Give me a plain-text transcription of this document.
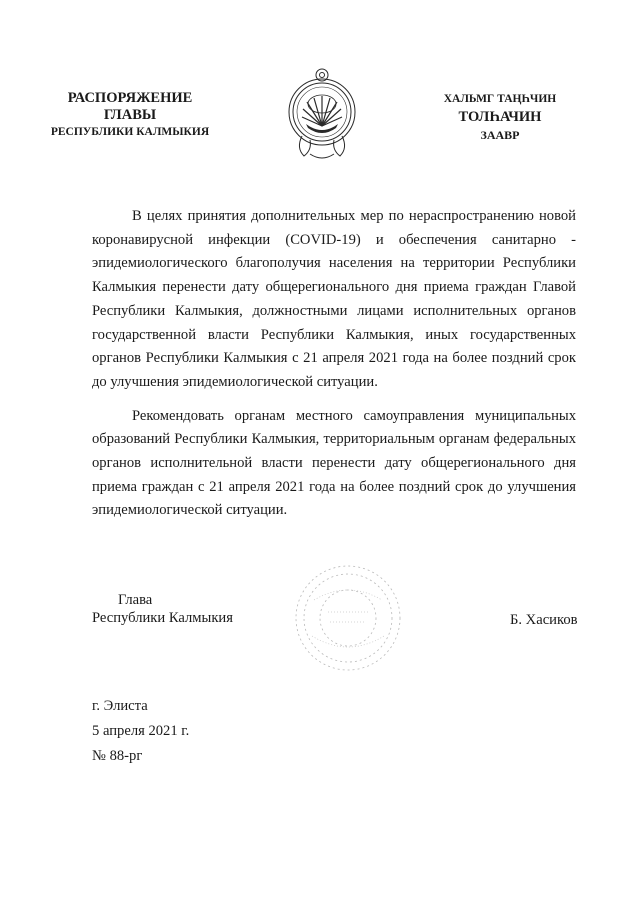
РАСПОРЯЖЕНИЕ
ГЛАВЫ
РЕСПУБЛИКИ КАЛМЫКИЯ
ХАЛЬМГ ТАҢҺЧИН
ТОЛҺАЧИН
ЗААВР

В целях принятия дополнительных мер по нераспространению новой коронавирусной инфекции (COVID-19) и обеспечения санитарно - эпидемиологического благополучия населения на территории Республики Калмыкия перенести дату общерегионального дня приема граждан Главой Республики Калмыкия, должностными лицами исполнительных органов государственной власти Республики Калмыкия, иных государственных органов Республики Калмыкия с 21 апреля 2021 года на более поздний срок до улучшения эпидемиологической ситуации.

Рекомендовать органам местного самоуправления муниципальных образований Республики Калмыкия, территориальным органам федеральных органов исполнительной власти перенести дату общерегионального дня приема граждан с 21 апреля 2021 года на более поздний срок до улучшения эпидемиологической ситуации.

Глава
Республики Калмыкия	Б. Хасиков
г. Элиста
5 апреля 2021 г.
№ 88-рг
